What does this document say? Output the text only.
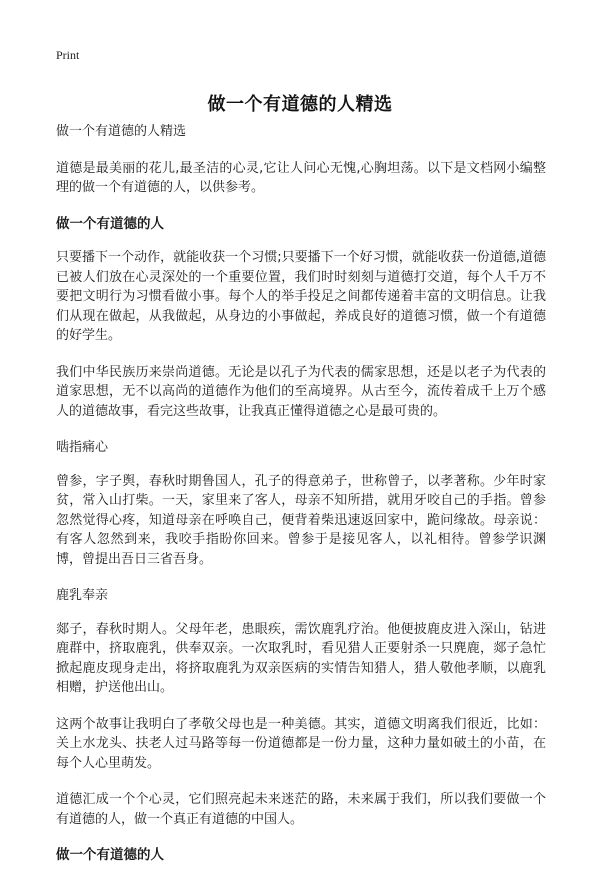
Print
做一个有道德的人精选

做一个有道德的人精选

道德是最美丽的花儿,最圣洁的心灵,它让人问心无愧,心胸坦荡。以下是文档网小编整理的做一个有道德的人，以供参考。

做一个有道德的人

只要播下一个动作，就能收获一个习惯;只要播下一个好习惯，就能收获一份道德,道德已被人们放在心灵深处的一个重要位置，我们时时刻刻与道德打交道，每个人千万不要把文明行为习惯看做小事。每个人的举手投足之间都传递着丰富的文明信息。让我们从现在做起，从我做起，从身边的小事做起，养成良好的道德习惯，做一个有道德的好学生。

我们中华民族历来崇尚道德。无论是以孔子为代表的儒家思想，还是以老子为代表的道家思想，无不以高尚的道德作为他们的至高境界。从古至今，流传着成千上万个感人的道德故事，看完这些故事，让我真正懂得道德之心是最可贵的。

啮指痛心

曾参，字子舆，春秋时期鲁国人，孔子的得意弟子，世称曾子，以孝著称。少年时家贫，常入山打柴。一天，家里来了客人，母亲不知所措，就用牙咬自己的手指。曾参忽然觉得心疼，知道母亲在呼唤自己，便背着柴迅速返回家中，跪问缘故。母亲说：有客人忽然到来，我咬手指盼你回来。曾参于是接见客人，以礼相待。曾参学识渊博，曾提出吾日三省吾身。

鹿乳奉亲

郯子，春秋时期人。父母年老，患眼疾，需饮鹿乳疗治。他便披鹿皮进入深山，钻进鹿群中，挤取鹿乳，供奉双亲。一次取乳时，看见猎人正要射杀一只麂鹿，郯子急忙掀起鹿皮现身走出，将挤取鹿乳为双亲医病的实情告知猎人，猎人敬他孝顺，以鹿乳相赠，护送他出山。

这两个故事让我明白了孝敬父母也是一种美德。其实，道德文明离我们很近，比如：关上水龙头、扶老人过马路等每一份道德都是一份力量，这种力量如破土的小苗，在每个人心里萌发。

道德汇成一个个心灵，它们照亮起未来迷茫的路，未来属于我们，所以我们要做一个有道德的人，做一个真正有道德的中国人。

做一个有道德的人
